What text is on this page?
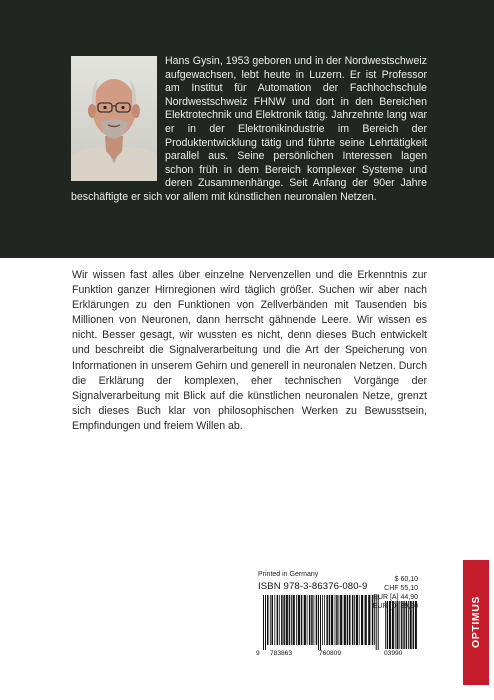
Hans Gysin, 1953 geboren und in der Nordwestschweiz aufgewachsen, lebt heute in Luzern. Er ist Professor am Institut für Automation der Fachhochschule Nordwestschweiz FHNW und dort in den Bereichen Elektrotechnik und Elektronik tätig. Jahrzehnte lang war er in der Elektronikindustrie im Bereich der Produktentwicklung tätig und führte seine Lehrtätigkeit parallel aus. Seine persönlichen Interessen lagen schon früh in dem Bereich komplexer Systeme und deren Zusammenhänge. Seit Anfang der 90er Jahre beschäftigte er sich vor allem mit künstlichen neuronalen Netzen.

Wir wissen fast alles über einzelne Nervenzellen und die Erkenntnis zur Funktion ganzer Hirnregionen wird täglich größer. Suchen wir aber nach Erklärungen zu den Funktionen von Zellverbänden mit Tausenden bis Millionen von Neuronen, dann herrscht gähnende Leere. Wir wissen es nicht. Besser gesagt, wir wussten es nicht, denn dieses Buch entwickelt und beschreibt die Signalverarbeitung und die Art der Speicherung von Informationen in unserem Gehirn und generell in neuronalen Netzen. Durch die Erklärung der komplexen, eher technischen Vorgänge der Signalverarbeitung mit Blick auf die künstlichen neuronalen Netze, grenzt sich dieses Buch klar von philosophischen Werken zu Bewusstsein, Empfindungen und freiem Willen ab.

Printed in Germany
ISBN 978-3-86376-080-9
9 783863	760809	03990
$ 60,10
CHF 55,10
EUR [A] 44,90
EUR [D] 39,90	OPTIMUS
